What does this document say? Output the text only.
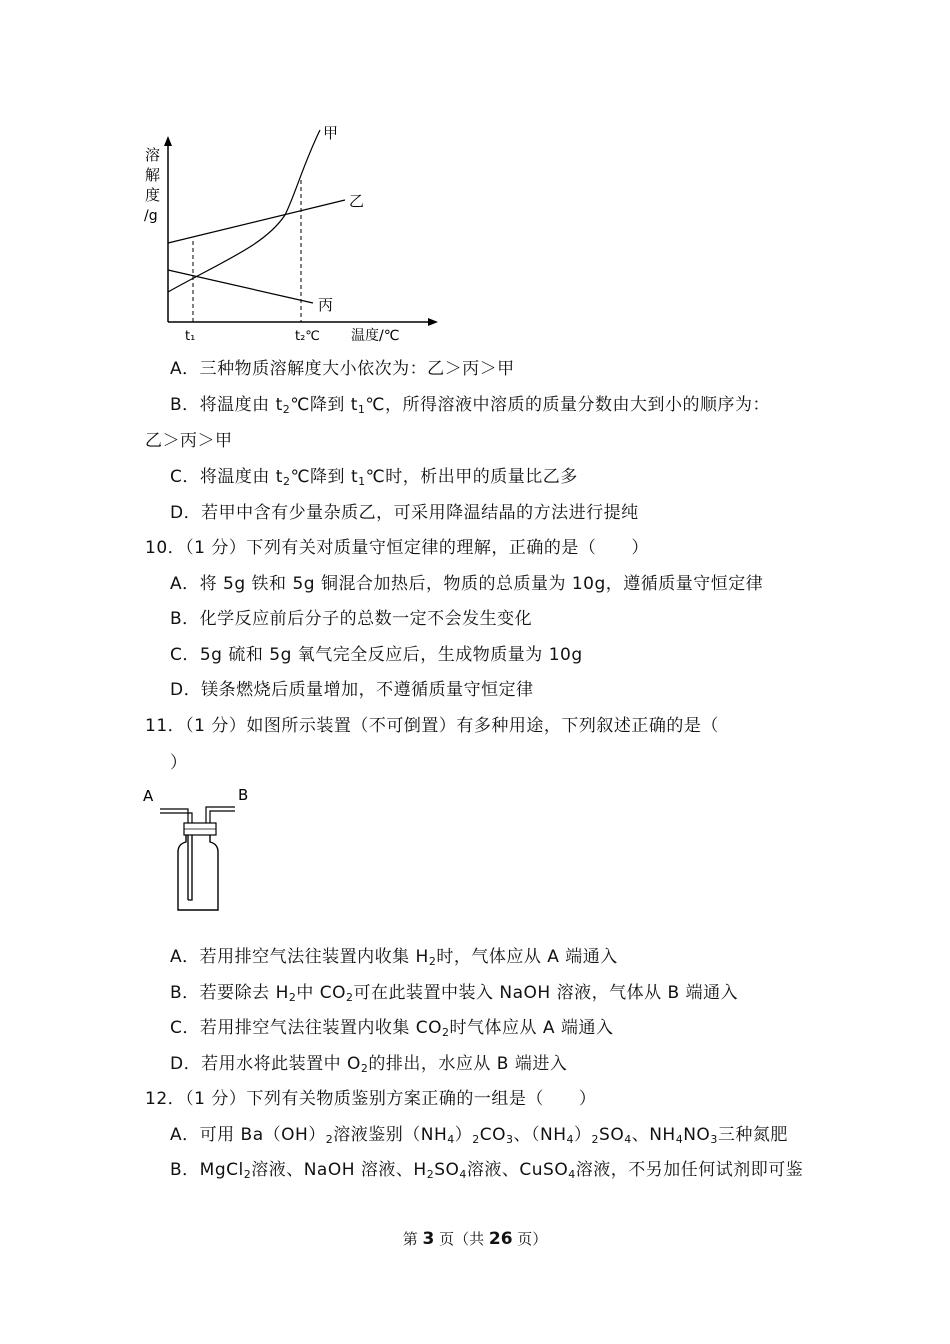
溶
解
度
/g
甲
乙
丙
t₁	t₂℃ 温度/℃
A．三种物质溶解度大小依次为：乙＞丙＞甲
B．将温度由 $t_2℃$降到 $t_1℃$，所得溶液中溶质的质量分数由大到小的顺序为：
乙＞丙＞甲
C．将温度由 $t_2℃$降到 $t_1℃$时，析出甲的质量比乙多
D．若甲中含有少量杂质乙，可采用降温结晶的方法进行提纯
10．（1 分）下列有关对质量守恒定律的理解，正确的是（　　）
A．将 5g 铁和 5g 铜混合加热后，物质的总质量为 10g，遵循质量守恒定律
B．化学反应前后分子的总数一定不会发生变化
C．5g 硫和 5g 氧气完全反应后，生成物质量为 10g
D．镁条燃烧后质量增加，不遵循质量守恒定律
11．（1 分）如图所示装置（不可倒置）有多种用途，下列叙述正确的是（
）
A	B
A．若用排空气法往装置内收集 $H_2$时，气体应从 A 端通入
B．若要除去 $H_2$中 $CO_2$可在此装置中装入 NaOH 溶液，气体从 B 端通入
C．若用排空气法往装置内收集 $CO_2$时气体应从 A 端通入
D．若用水将此装置中 $O_2$的排出，水应从 B 端进入
12．（1 分）下列有关物质鉴别方案正确的一组是（　　）
A．可用 $Ba(OH)_2$溶液鉴别$(NH_4)_2CO_3$、$(NH_4)_2SO_4$、$NH_4NO_3$三种氮肥
B．MgCl$_2$溶液、NaOH 溶液、$H_2SO_4$溶液、CuSO$_4$溶液，不另加任何试剂即可鉴
第 3 页（共 26 页）
